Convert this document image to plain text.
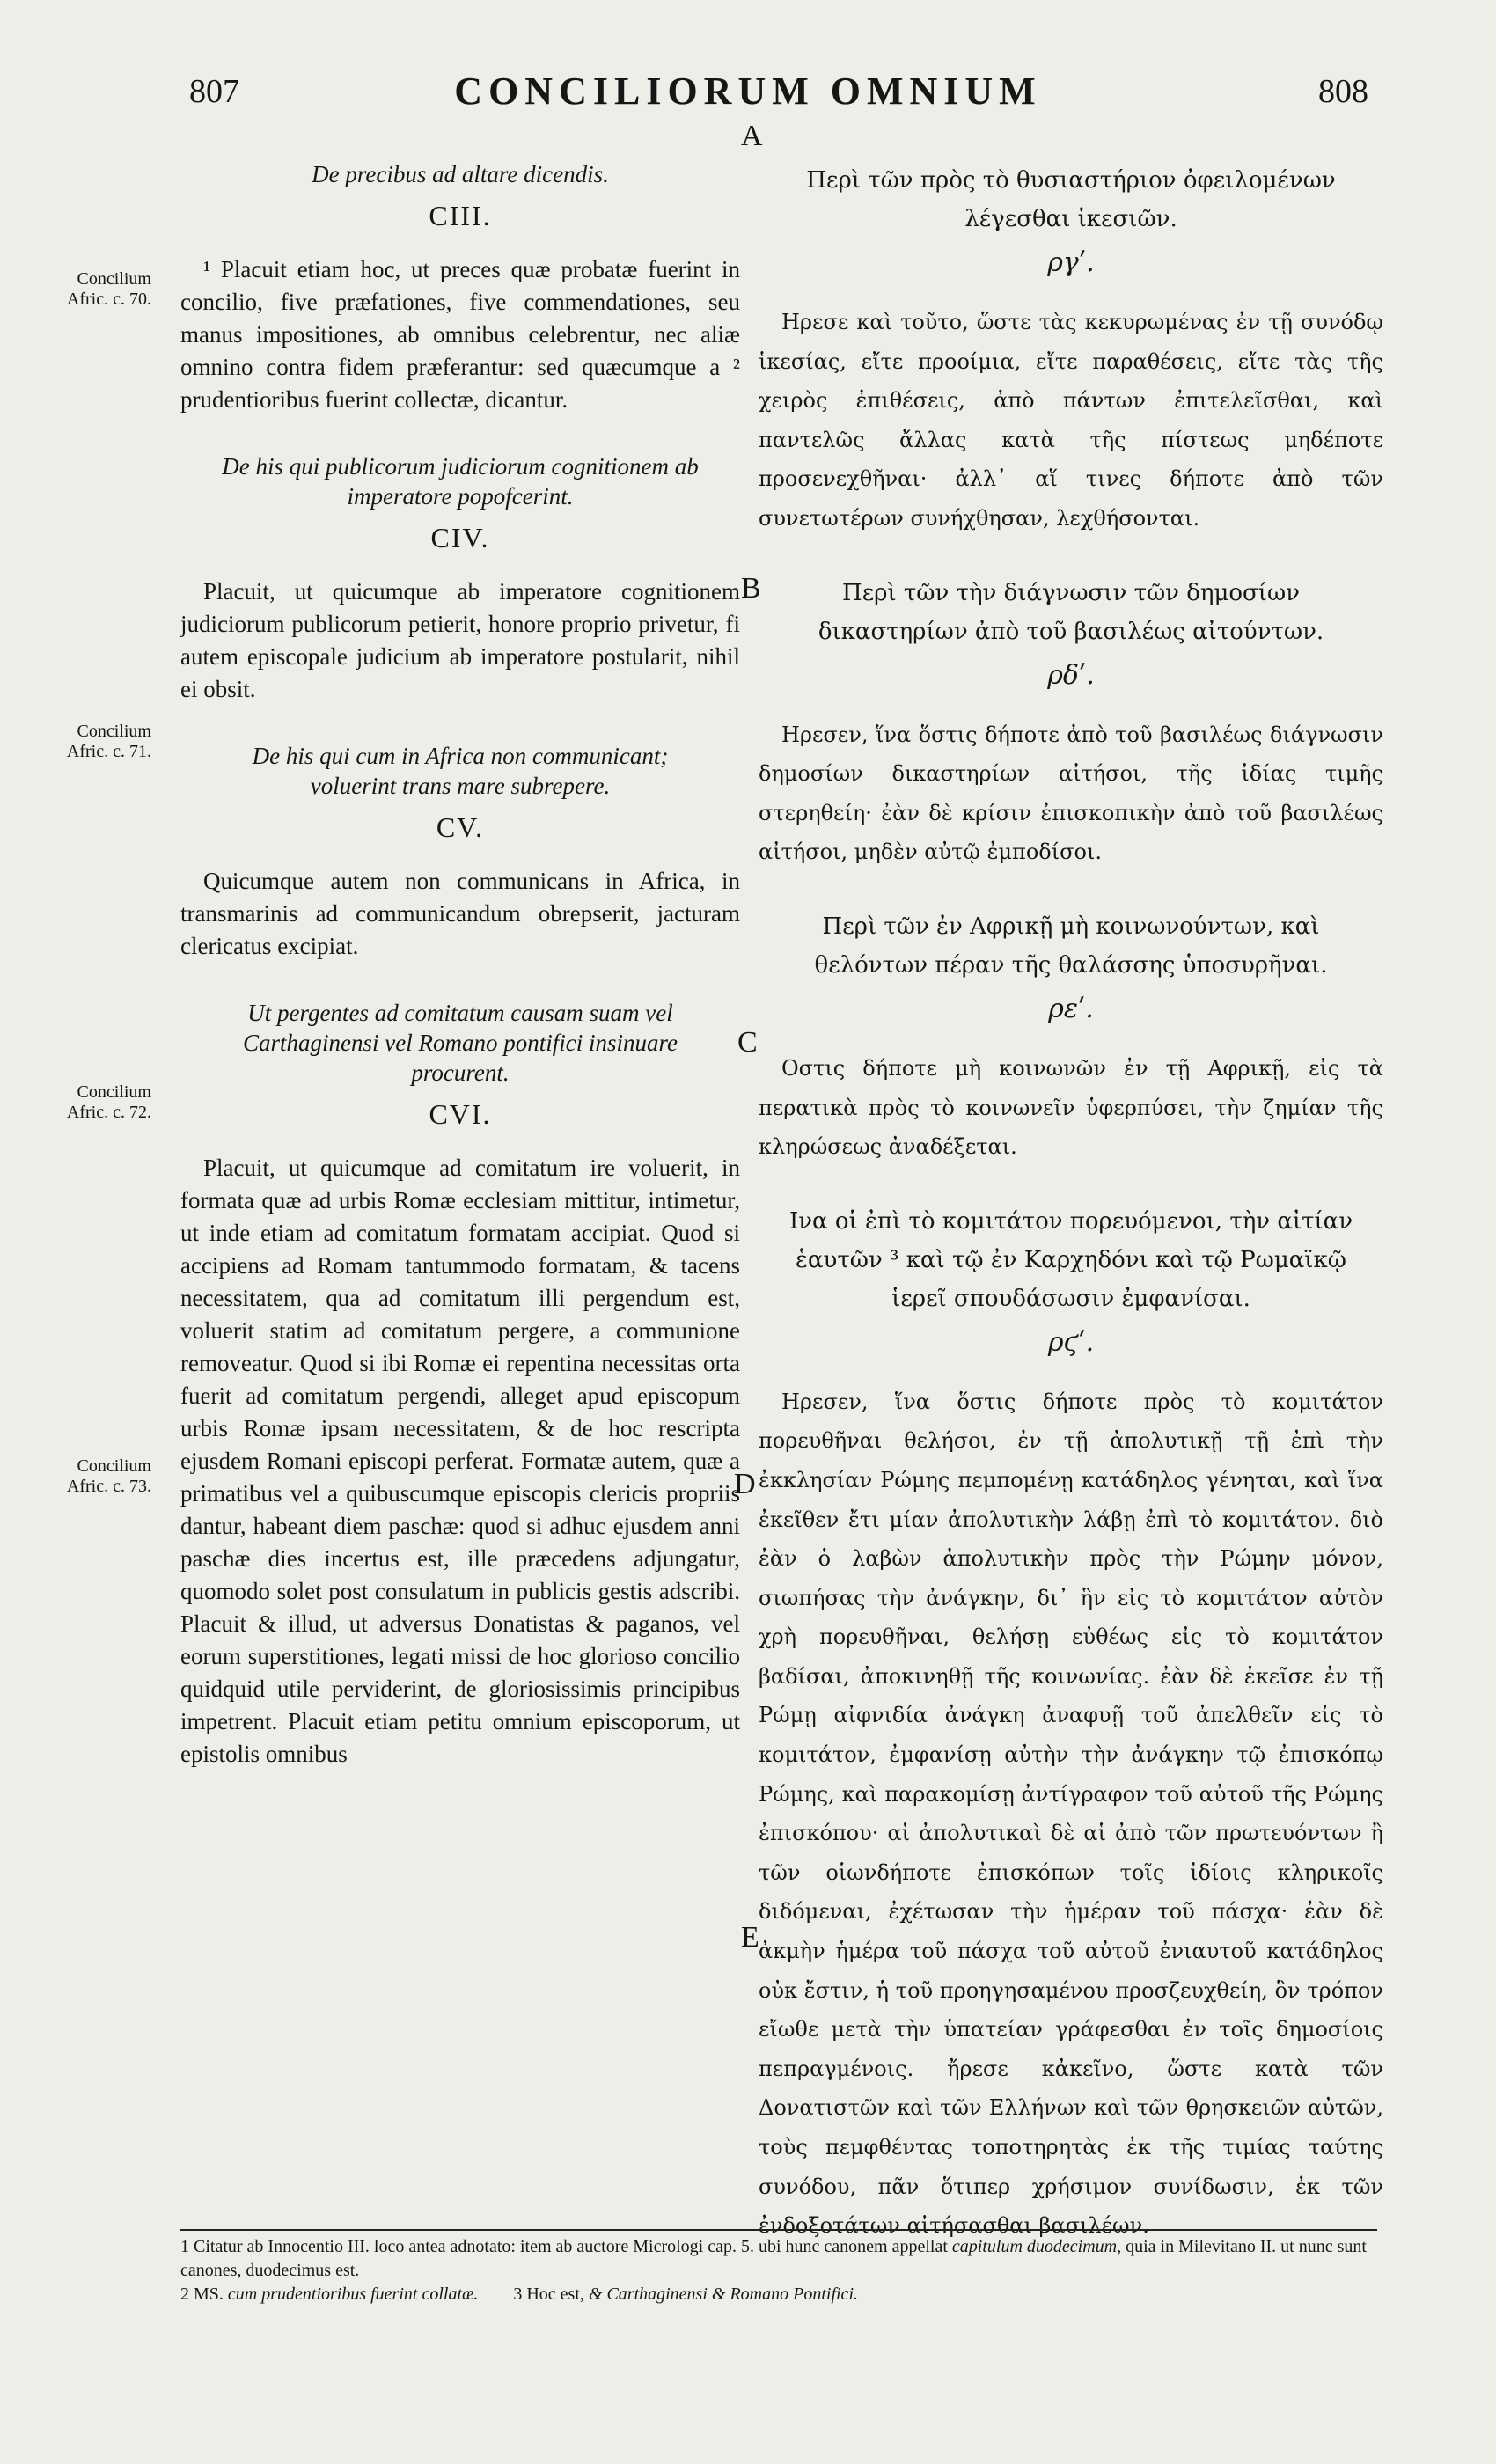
807	CONCILIORUM OMNIUM	808
A
B
C
D
E
Concilium
Afric. c. 70.
Concilium
Afric. c. 71.
Concilium
Afric. c. 72.
Concilium
Afric. c. 73.
De precibus ad altare dicendis.
CIII.
¹ Placuit etiam hoc, ut preces quæ probatæ fuerint in concilio, five præfationes, five commendationes, seu manus impositiones, ab omnibus celebrentur, nec aliæ omnino contra fidem præferantur: sed quæcumque a ² prudentioribus fuerint collectæ, dicantur.
De his qui publicorum judiciorum cognitionem ab imperatore popofcerint.
CIV.
Placuit, ut quicumque ab imperatore cognitionem judiciorum publicorum petierit, honore proprio privetur, fi autem episcopale judicium ab imperatore postularit, nihil ei obsit.
De his qui cum in Africa non communicant; voluerint trans mare subrepere.
CV.
Quicumque autem non communicans in Africa, in transmarinis ad communicandum obrepserit, jacturam clericatus excipiat.
Ut pergentes ad comitatum causam suam vel Carthaginensi vel Romano pontifici insinuare procurent.
CVI.
Placuit, ut quicumque ad comitatum ire voluerit, in formata quæ ad urbis Romæ ecclesiam mittitur, intimetur, ut inde etiam ad comitatum formatam accipiat. Quod si accipiens ad Romam tantummodo formatam, & tacens necessitatem, qua ad comitatum illi pergendum est, voluerit statim ad comitatum pergere, a communione removeatur. Quod si ibi Romæ ei repentina necessitas orta fuerit ad comitatum pergendi, alleget apud episcopum urbis Romæ ipsam necessitatem, & de hoc rescripta ejusdem Romani episcopi perferat. Formatæ autem, quæ a primatibus vel a quibuscumque episcopis clericis propriis dantur, habeant diem paschæ: quod si adhuc ejusdem anni paschæ dies incertus est, ille præcedens adjungatur, quomodo solet post consulatum in publicis gestis adscribi. Placuit & illud, ut adversus Donatistas & paganos, vel eorum superstitiones, legati missi de hoc glorioso concilio quidquid utile perviderint, de gloriosissimis principibus impetrent. Placuit etiam petitu omnium episcoporum, ut epistolis omnibus
Περὶ τῶν πρὸς τὸ θυσιαστήριον ὀφειλομένων λέγεσθαι ἱκεσιῶν.
ργʹ.
Ηρεσε καὶ τοῦτο, ὥστε τὰς κεκυρωμένας ἐν τῇ συνόδῳ ἱκεσίας, εἴτε προοίμια, εἴτε παραθέσεις, εἴτε τὰς τῆς χειρὸς ἐπιθέσεις, ἀπὸ πάντων ἐπιτελεῖσθαι, καὶ παντελῶς ἄλλας κατὰ τῆς πίστεως μηδέποτε προσενεχθῆναι· ἀλλ᾽ αἵ τινες δήποτε ἀπὸ τῶν συνετωτέρων συνήχθησαν, λεχθήσονται.
Περὶ τῶν τὴν διάγνωσιν τῶν δημοσίων δικαστηρίων ἀπὸ τοῦ βασιλέως αἰτούντων.
ρδʹ.
Ηρεσεν, ἵνα ὅστις δήποτε ἀπὸ τοῦ βασιλέως διάγνωσιν δημοσίων δικαστηρίων αἰτήσοι, τῆς ἰδίας τιμῆς στερηθείη· ἐὰν δὲ κρίσιν ἐπισκοπικὴν ἀπὸ τοῦ βασιλέως αἰτήσοι, μηδὲν αὐτῷ ἐμποδίσοι.
Περὶ τῶν ἐν Αφρικῇ μὴ κοινωνούντων, καὶ θελόντων πέραν τῆς θαλάσσης ὑποσυρῆναι.
ρεʹ.
Οστις δήποτε μὴ κοινωνῶν ἐν τῇ Αφρικῇ, εἰς τὰ περατικὰ πρὸς τὸ κοινωνεῖν ὑφερπύσει, τὴν ζημίαν τῆς κληρώσεως ἀναδέξεται.
Ινα οἱ ἐπὶ τὸ κομιτάτον πορευόμενοι, τὴν αἰτίαν ἑαυτῶν ³ καὶ τῷ ἐν Καρχηδόνι καὶ τῷ Ρωμαϊκῷ ἱερεῖ σπουδάσωσιν ἐμφανίσαι.
ρϛʹ.
Ηρεσεν, ἵνα ὅστις δήποτε πρὸς τὸ κομιτάτον πορευθῆναι θελήσοι, ἐν τῇ ἀπολυτικῇ τῇ ἐπὶ τὴν ἐκκλησίαν Ρώμης πεμπομένῃ κατάδηλος γένηται, καὶ ἵνα ἐκεῖθεν ἔτι μίαν ἀπολυτικὴν λάβῃ ἐπὶ τὸ κομιτάτον. διὸ ἐὰν ὁ λαβὼν ἀπολυτικὴν πρὸς τὴν Ρώμην μόνον, σιωπήσας τὴν ἀνάγκην, δι᾽ ἣν εἰς τὸ κομιτάτον αὐτὸν χρὴ πορευθῆναι, θελήσῃ εὐθέως εἰς τὸ κομιτάτον βαδίσαι, ἀποκινηθῇ τῆς κοινωνίας. ἐὰν δὲ ἐκεῖσε ἐν τῇ Ρώμῃ αἰφνιδία ἀνάγκη ἀναφυῇ τοῦ ἀπελθεῖν εἰς τὸ κομιτάτον, ἐμφανίσῃ αὐτὴν τὴν ἀνάγκην τῷ ἐπισκόπῳ Ρώμης, καὶ παρακομίσῃ ἀντίγραφον τοῦ αὐτοῦ τῆς Ρώμης ἐπισκόπου· αἱ ἀπολυτικαὶ δὲ αἱ ἀπὸ τῶν πρωτευόντων ἢ τῶν οἱωνδήποτε ἐπισκόπων τοῖς ἰδίοις κληρικοῖς διδόμεναι, ἐχέτωσαν τὴν ἡμέραν τοῦ πάσχα· ἐὰν δὲ ἀκμὴν ἡμέρα τοῦ πάσχα τοῦ αὐτοῦ ἐνιαυτοῦ κατάδηλος οὐκ ἔστιν, ἡ τοῦ προηγησαμένου προσζευχθείη, ὃν τρόπον εἴωθε μετὰ τὴν ὑπατείαν γράφεσθαι ἐν τοῖς δημοσίοις πεπραγμένοις. ἤρεσε κἀκεῖνο, ὥστε κατὰ τῶν Δονατιστῶν καὶ τῶν Ελλήνων καὶ τῶν θρησκειῶν αὐτῶν, τοὺς πεμφθέντας τοποτηρητὰς ἐκ τῆς τιμίας ταύτης συνόδου, πᾶν ὅτιπερ χρήσιμον συνίδωσιν, ἐκ τῶν ἐνδοξοτάτων αἰτήσασθαι βασιλέων.
1 Citatur ab Innocentio III. loco antea adnotato: item ab auctore Micrologi cap. 5. ubi hunc canonem appellat capitulum duodecimum, quia in Milevitano II. ut nunc sunt canones, duodecimus est.
2 MS. cum prudentioribus fuerint collatæ. 3 Hoc est, & Carthaginensi & Romano Pontifici.
